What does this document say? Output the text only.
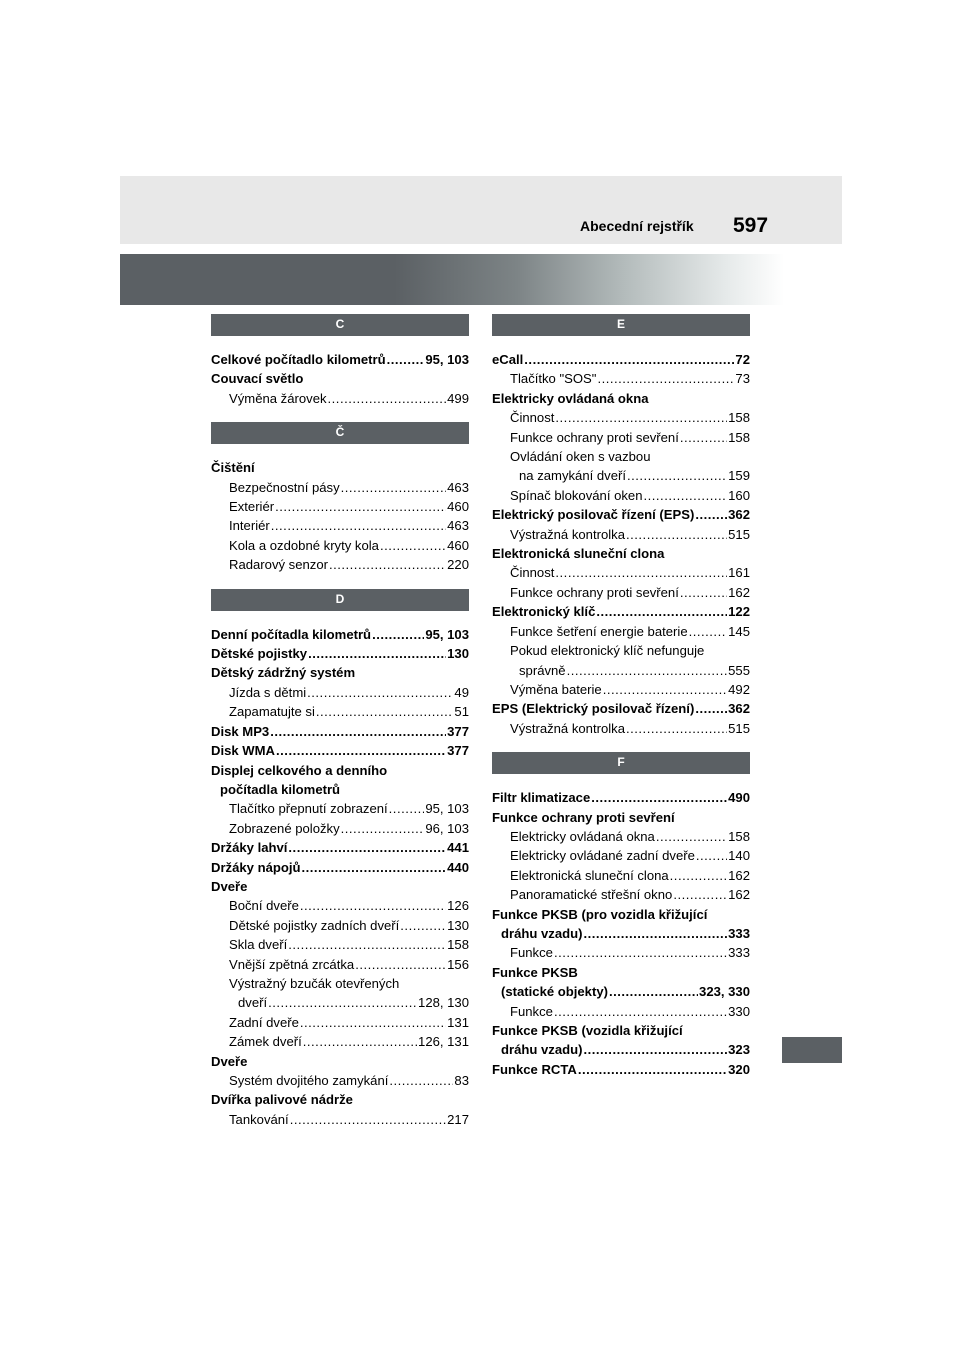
Abecední rejstřík 597
C
Celkové počítadlo kilometrů .....	95, 103
Couvací světlo
Výměna žárovek .....	499
Č
Čištění
Bezpečnostní pásy .....	463
Exteriér .....	460
Interiér .....	463
Kola a ozdobné kryty kola .....	460
Radarový senzor .....	220
D
Denní počítadla kilometrů .....	95, 103
Dětské pojistky .....	130
Dětský zádržný systém
Jízda s dětmi .....	49
Zapamatujte si .....	51
Disk MP3 .....	377
Disk WMA .....	377
Displej celkového a denního
počítadla kilometrů
Tlačítko přepnutí zobrazení .....	95, 103
Zobrazené položky .....	96, 103
Držáky lahví .....	441
Držáky nápojů .....	440
Dveře
Boční dveře .....	126
Dětské pojistky zadních dveří .....	130
Skla dveří .....	158
Vnější zpětná zrcátka .....	156
Výstražný bzučák otevřených
dveří .....	128, 130
Zadní dveře .....	131
Zámek dveří .....	126, 131
Dveře
Systém dvojitého zamykání .....	83
Dvířka palivové nádrže
Tankování .....	217
E
eCall .....	72
Tlačítko "SOS" .....	73
Elektricky ovládaná okna
Činnost .....	158
Funkce ochrany proti sevření .....	158
Ovládání oken s vazbou
na zamykání dveří .....	159
Spínač blokování oken .....	160
Elektrický posilovač řízení (EPS) .....	362
Výstražná kontrolka .....	515
Elektronická sluneční clona
Činnost .....	161
Funkce ochrany proti sevření .....	162
Elektronický klíč .....	122
Funkce šetření energie baterie .....	145
Pokud elektronický klíč nefunguje
správně .....	555
Výměna baterie .....	492
EPS (Elektrický posilovač řízení) .....	362
Výstražná kontrolka .....	515
F
Filtr klimatizace .....	490
Funkce ochrany proti sevření
Elektricky ovládaná okna .....	158
Elektricky ovládané zadní dveře .....	140
Elektronická sluneční clona .....	162
Panoramatické střešní okno .....	162
Funkce PKSB (pro vozidla křižující
dráhu vzadu) .....	333
Funkce .....	333
Funkce PKSB
(statické objekty) .....	323, 330
Funkce .....	330
Funkce PKSB (vozidla křižující
dráhu vzadu) .....	323
Funkce RCTA .....	320
